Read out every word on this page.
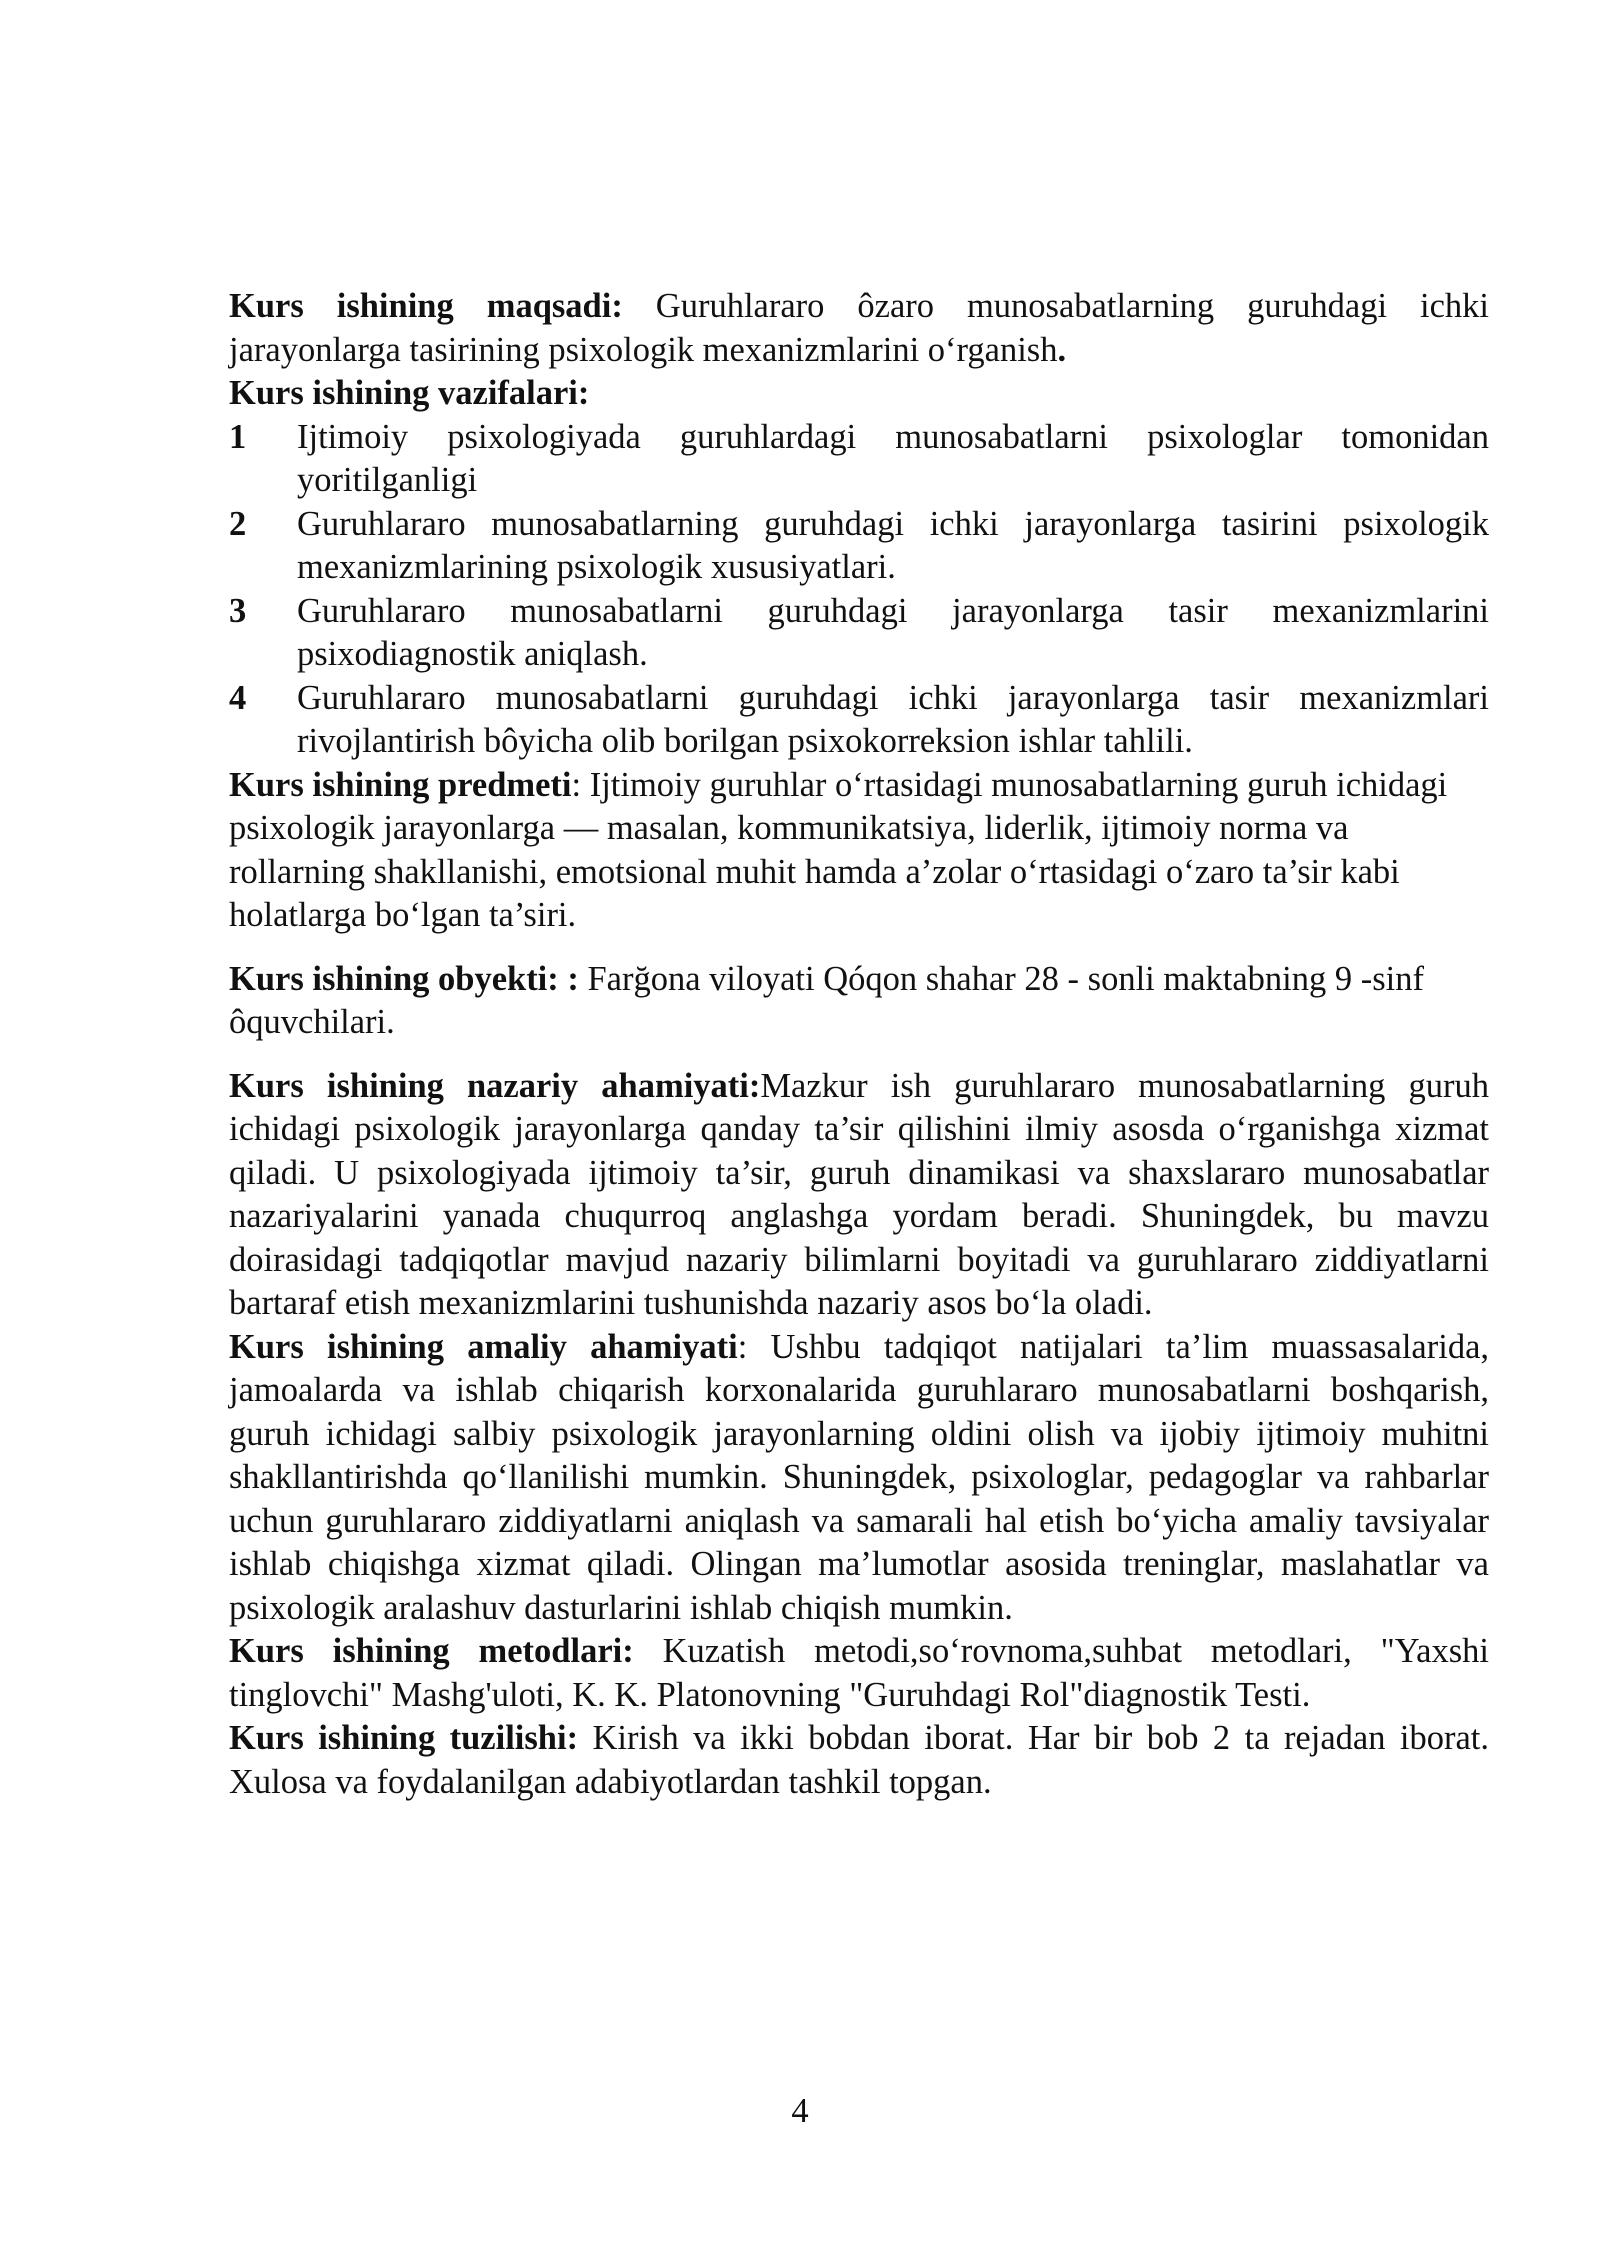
Kurs ishining maqsadi: Guruhlararo ôzaro munosabatlarning guruhdagi ichki jarayonlarga tasirining psixologik mexanizmlarini o‘rganish.

Kurs ishining vazifalari:

1	Ijtimoiy psixologiyada guruhlardagi munosabatlarni psixologlar tomonidan yoritilganligi
2	Guruhlararo munosabatlarning guruhdagi ichki jarayonlarga tasirini psixologik mexanizmlarining psixologik xususiyatlari.
3	Guruhlararo munosabatlarni guruhdagi jarayonlarga tasir mexanizmlarini psixodiagnostik aniqlash.
4	Guruhlararo munosabatlarni guruhdagi ichki jarayonlarga tasir mexanizmlari rivojlantirish bôyicha olib borilgan psixokorreksion ishlar tahlili.

Kurs ishining predmeti: Ijtimoiy guruhlar o‘rtasidagi munosabatlarning guruh ichidagi psixologik jarayonlarga — masalan, kommunikatsiya, liderlik, ijtimoiy norma va rollarning shakllanishi, emotsional muhit hamda a’zolar o‘rtasidagi o‘zaro ta’sir kabi holatlarga bo‘lgan ta’siri.

Kurs ishining obyekti: : Farğona viloyati Qóqon shahar 28 - sonli maktabning 9 -sinf ôquvchilari.

Kurs ishining nazariy ahamiyati:Mazkur ish guruhlararo munosabatlarning guruh ichidagi psixologik jarayonlarga qanday ta’sir qilishini ilmiy asosda o‘rganishga xizmat qiladi. U psixologiyada ijtimoiy ta’sir, guruh dinamikasi va shaxslararo munosabatlar nazariyalarini yanada chuqurroq anglashga yordam beradi. Shuningdek, bu mavzu doirasidagi tadqiqotlar mavjud nazariy bilimlarni boyitadi va guruhlararo ziddiyatlarni bartaraf etish mexanizmlarini tushunishda nazariy asos bo‘la oladi.

Kurs ishining amaliy ahamiyati: Ushbu tadqiqot natijalari ta’lim muassasalarida, jamoalarda va ishlab chiqarish korxonalarida guruhlararo munosabatlarni boshqarish, guruh ichidagi salbiy psixologik jarayonlarning oldini olish va ijobiy ijtimoiy muhitni shakllantirishda qo‘llanilishi mumkin. Shuningdek, psixologlar, pedagoglar va rahbarlar uchun guruhlararo ziddiyatlarni aniqlash va samarali hal etish bo‘yicha amaliy tavsiyalar ishlab chiqishga xizmat qiladi. Olingan ma’lumotlar asosida treninglar, maslahatlar va psixologik aralashuv dasturlarini ishlab chiqish mumkin.

Kurs ishining metodlari: Kuzatish metodi,so‘rovnoma,suhbat metodlari, "Yaxshi tinglovchi" Mashg'uloti, K. K. Platonovning "Guruhdagi Rol"diagnostik Testi.

Kurs ishining tuzilishi: Kirish va ikki bobdan iborat. Har bir bob 2 ta rejadan iborat. Xulosa va foydalanilgan adabiyotlardan tashkil topgan.

4
